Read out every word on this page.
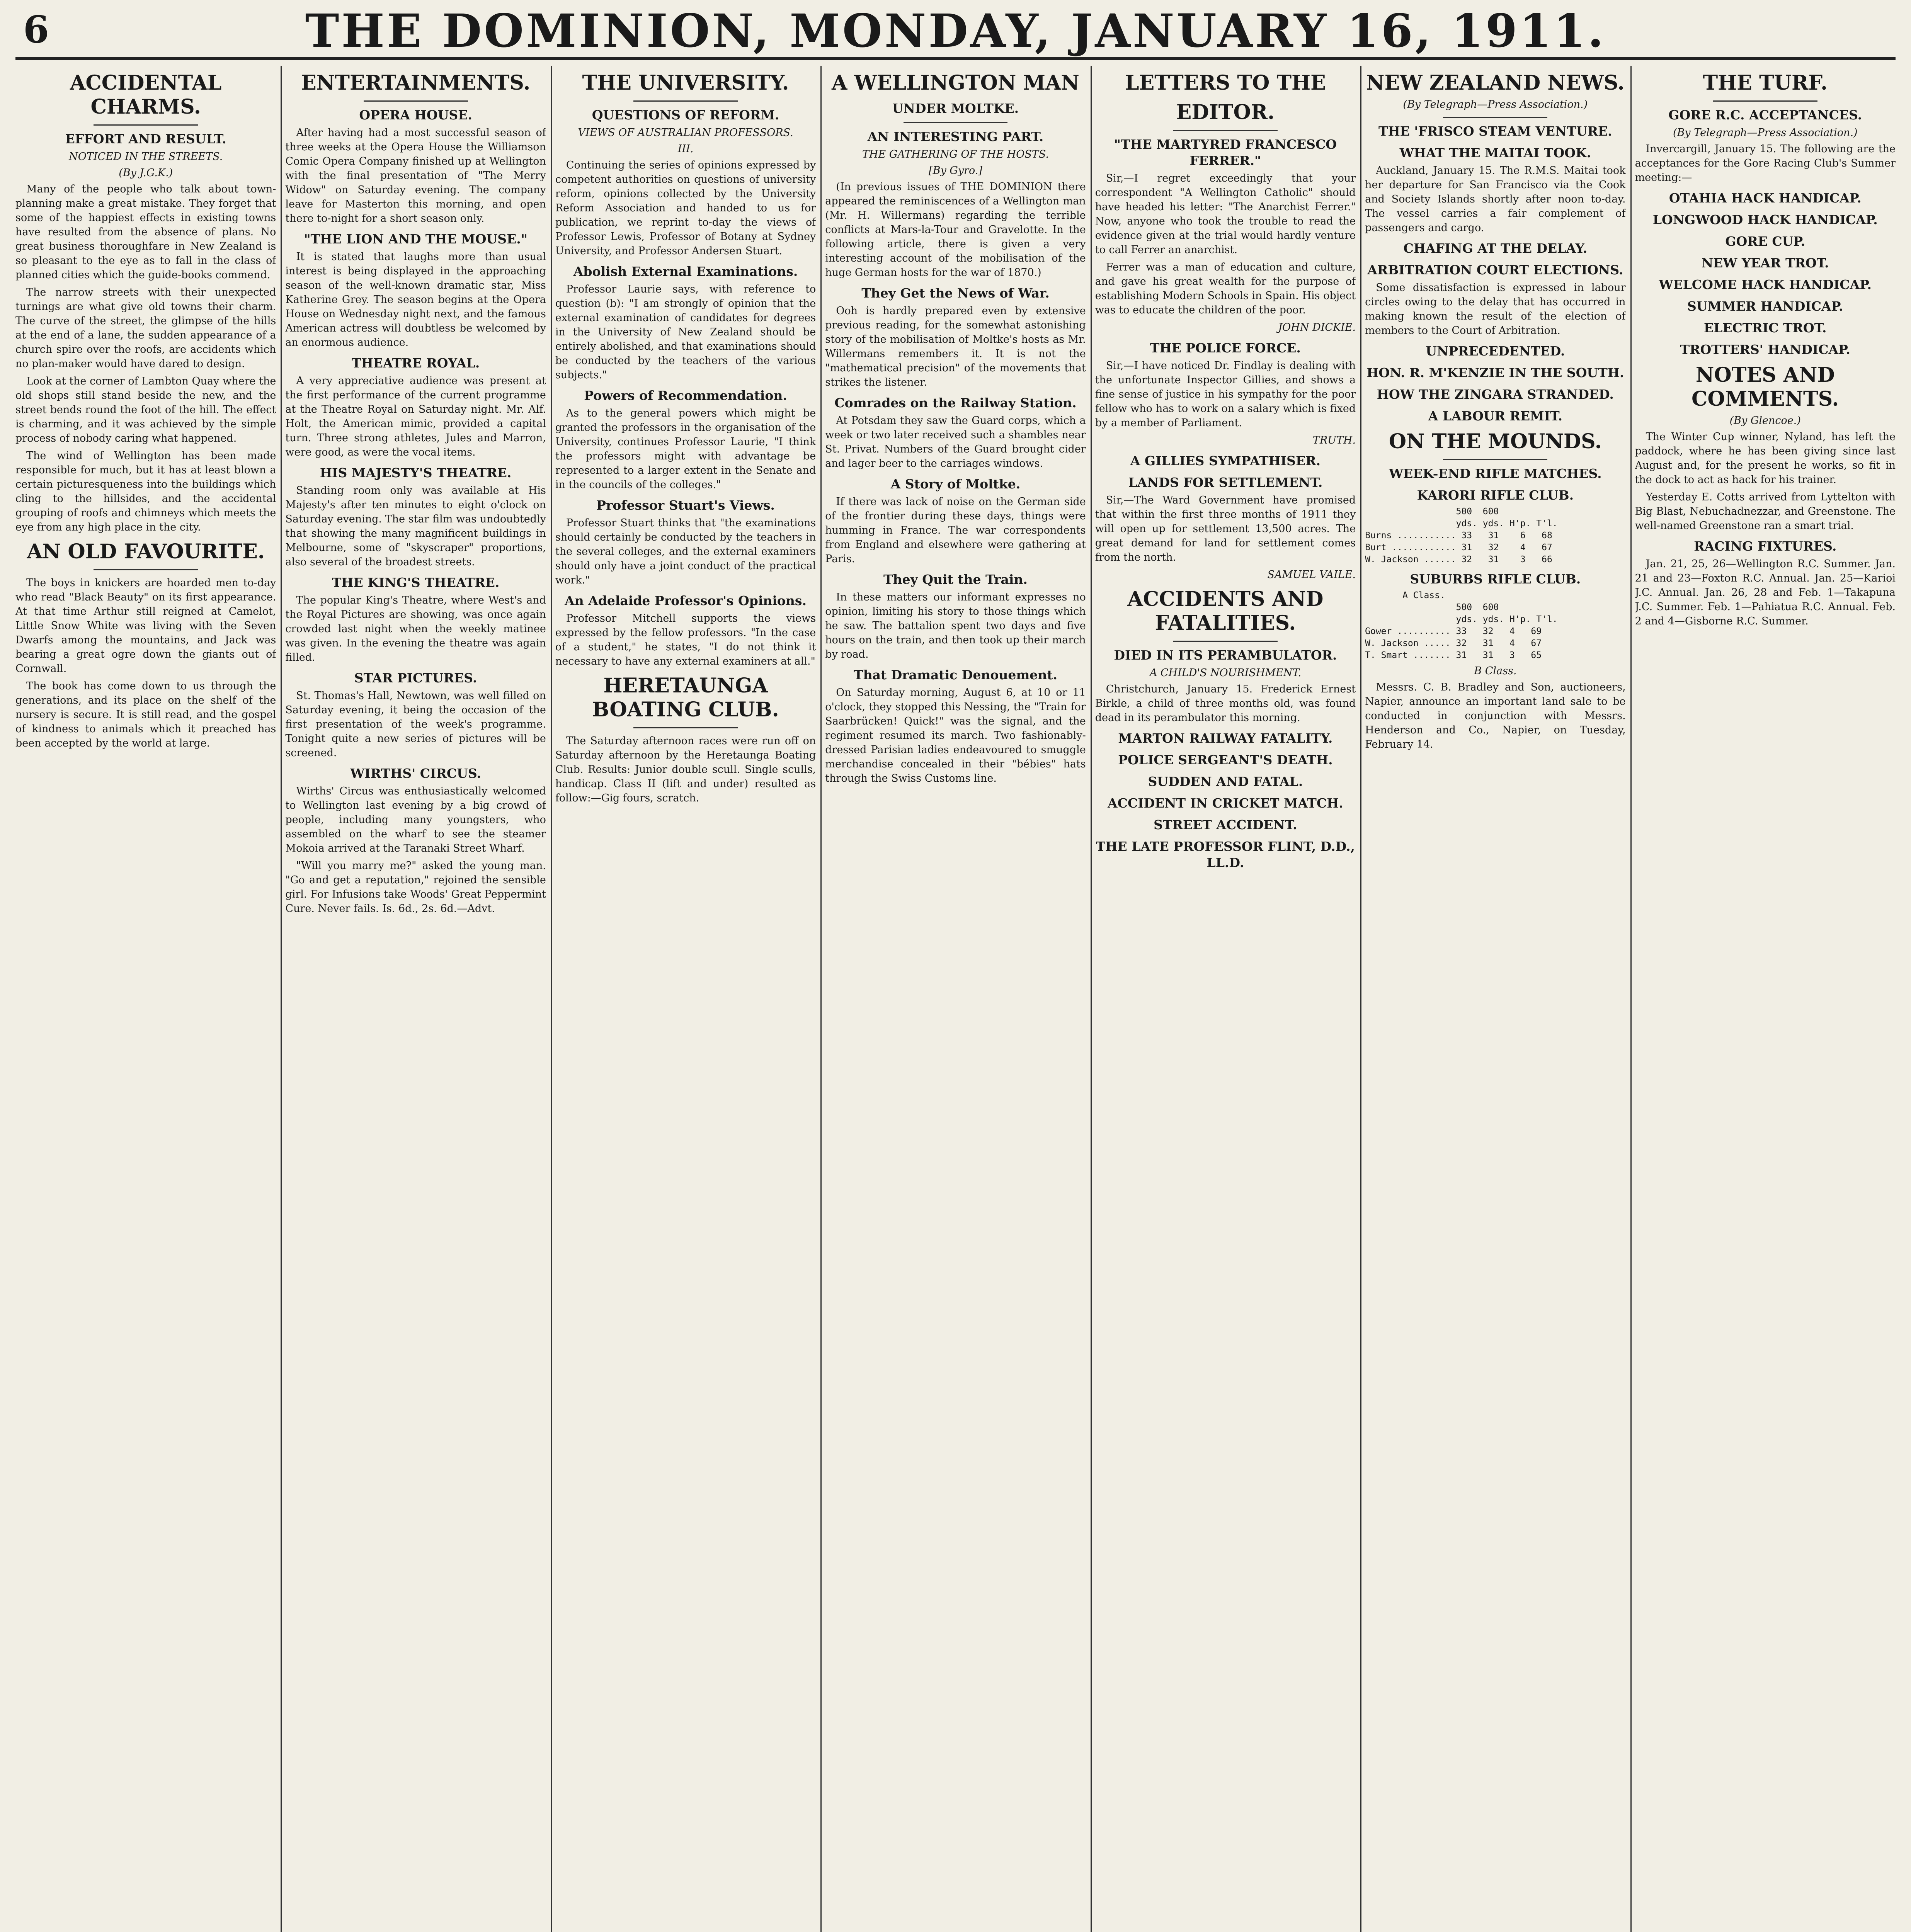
6	THE DOMINION, MONDAY, JANUARY 16, 1911.
ACCIDENTAL CHARMS.
EFFORT AND RESULT.
NOTICED IN THE STREETS.
(By J.G.K.)

Many of the people who talk about town-planning make a great mistake. They forget that some of the happiest effects in existing towns have resulted from the absence of plans. No great business thoroughfare in New Zealand is so pleasant to the eye as to fall in the class of planned cities which the guide-books commend.

The narrow streets with their unexpected turnings are what give old towns their charm. The curve of the street, the glimpse of the hills at the end of a lane, the sudden appearance of a church spire over the roofs, are accidents which no plan-maker would have dared to design.

Look at the corner of Lambton Quay where the old shops still stand beside the new, and the street bends round the foot of the hill. The effect is charming, and it was achieved by the simple process of nobody caring what happened.

The wind of Wellington has been made responsible for much, but it has at least blown a certain picturesqueness into the buildings which cling to the hillsides, and the accidental grouping of roofs and chimneys which meets the eye from any high place in the city.

AN OLD FAVOURITE.

The boys in knickers are hoarded men to-day who read "Black Beauty" on its first appearance. At that time Arthur still reigned at Camelot, Little Snow White was living with the Seven Dwarfs among the mountains, and Jack was bearing a great ogre down the giants out of Cornwall.

The book has come down to us through the generations, and its place on the shelf of the nursery is secure. It is still read, and the gospel of kindness to animals which it preached has been accepted by the world at large.

ENTERTAINMENTS.
OPERA HOUSE.

After having had a most successful season of three weeks at the Opera House the Williamson Comic Opera Company finished up at Wellington with the final presentation of "The Merry Widow" on Saturday evening. The company leave for Masterton this morning, and open there to-night for a short season only.

"THE LION AND THE MOUSE."

It is stated that laughs more than usual interest is being displayed in the approaching season of the well-known dramatic star, Miss Katherine Grey. The season begins at the Opera House on Wednesday night next, and the famous American actress will doubtless be welcomed by an enormous audience.

THEATRE ROYAL.

A very appreciative audience was present at the first performance of the current programme at the Theatre Royal on Saturday night. Mr. Alf. Holt, the American mimic, provided a capital turn. Three strong athletes, Jules and Marron, were good, as were the vocal items.

HIS MAJESTY'S THEATRE.

Standing room only was available at His Majesty's after ten minutes to eight o'clock on Saturday evening. The star film was undoubtedly that showing the many magnificent buildings in Melbourne, some of "skyscraper" proportions, also several of the broadest streets.

THE KING'S THEATRE.

The popular King's Theatre, where West's and the Royal Pictures are showing, was once again crowded last night when the weekly matinee was given. In the evening the theatre was again filled.

STAR PICTURES.

St. Thomas's Hall, Newtown, was well filled on Saturday evening, it being the occasion of the first presentation of the week's programme. Tonight quite a new series of pictures will be screened.

WIRTHS' CIRCUS.

Wirths' Circus was enthusiastically welcomed to Wellington last evening by a big crowd of people, including many youngsters, who assembled on the wharf to see the steamer Mokoia arrived at the Taranaki Street Wharf.

"Will you marry me?" asked the young man. "Go and get a reputation," rejoined the sensible girl. For Infusions take Woods' Great Peppermint Cure. Never fails. Is. 6d., 2s. 6d.—Advt.

THE UNIVERSITY.
QUESTIONS OF REFORM.
VIEWS OF AUSTRALIAN PROFESSORS.
III.

Continuing the series of opinions expressed by competent authorities on questions of university reform, opinions collected by the University Reform Association and handed to us for publication, we reprint to-day the views of Professor Lewis, Professor of Botany at Sydney University, and Professor Andersen Stuart.

Abolish External Examinations.

Professor Laurie says, with reference to question (b): "I am strongly of opinion that the external examination of candidates for degrees in the University of New Zealand should be entirely abolished, and that examinations should be conducted by the teachers of the various subjects."

Powers of Recommendation.

As to the general powers which might be granted the professors in the organisation of the University, continues Professor Laurie, "I think the professors might with advantage be represented to a larger extent in the Senate and in the councils of the colleges."

Professor Stuart's Views.

Professor Stuart thinks that "the examinations should certainly be conducted by the teachers in the several colleges, and the external examiners should only have a joint conduct of the practical work."

An Adelaide Professor's Opinions.

Professor Mitchell supports the views expressed by the fellow professors. "In the case of a student," he states, "I do not think it necessary to have any external examiners at all."

HERETAUNGA BOATING CLUB.

The Saturday afternoon races were run off on Saturday afternoon by the Heretaunga Boating Club. Results: Junior double scull. Single sculls, handicap. Class II (lift and under) resulted as follow:—Gig fours, scratch.

A WELLINGTON MAN
UNDER MOLTKE.
AN INTERESTING PART.
THE GATHERING OF THE HOSTS.
[By Gyro.]

(In previous issues of THE DOMINION there appeared the reminiscences of a Wellington man (Mr. H. Willermans) regarding the terrible conflicts at Mars-la-Tour and Gravelotte. In the following article, there is given a very interesting account of the mobilisation of the huge German hosts for the war of 1870.)

They Get the News of War.

Ooh is hardly prepared even by extensive previous reading, for the somewhat astonishing story of the mobilisation of Moltke's hosts as Mr. Willermans remembers it. It is not the "mathematical precision" of the movements that strikes the listener.

Comrades on the Railway Station.

At Potsdam they saw the Guard corps, which a week or two later received such a shambles near St. Privat. Numbers of the Guard brought cider and lager beer to the carriages windows.

A Story of Moltke.

If there was lack of noise on the German side of the frontier during these days, things were humming in France. The war correspondents from England and elsewhere were gathering at Paris.

They Quit the Train.

In these matters our informant expresses no opinion, limiting his story to those things which he saw. The battalion spent two days and five hours on the train, and then took up their march by road.

That Dramatic Denouement.

On Saturday morning, August 6, at 10 or 11 o'clock, they stopped this Nessing, the "Train for Saarbrücken! Quick!" was the signal, and the regiment resumed its march. Two fashionably-dressed Parisian ladies endeavoured to smuggle merchandise concealed in their "bébies" hats through the Swiss Customs line.

LETTERS TO THE
EDITOR.
"THE MARTYRED FRANCESCO FERRER."

Sir,—I regret exceedingly that your correspondent "A Wellington Catholic" should have headed his letter: "The Anarchist Ferrer." Now, anyone who took the trouble to read the evidence given at the trial would hardly venture to call Ferrer an anarchist.

Ferrer was a man of education and culture, and gave his great wealth for the purpose of establishing Modern Schools in Spain. His object was to educate the children of the poor.

JOHN DICKIE.

THE POLICE FORCE.

Sir,—I have noticed Dr. Findlay is dealing with the unfortunate Inspector Gillies, and shows a fine sense of justice in his sympathy for the poor fellow who has to work on a salary which is fixed by a member of Parliament.

TRUTH.

A GILLIES SYMPATHISER.
LANDS FOR SETTLEMENT.

Sir,—The Ward Government have promised that within the first three months of 1911 they will open up for settlement 13,500 acres. The great demand for land for settlement comes from the north.

SAMUEL VAILE.

ACCIDENTS AND FATALITIES.
DIED IN ITS PERAMBULATOR.
A CHILD'S NOURISHMENT.

Christchurch, January 15. Frederick Ernest Birkle, a child of three months old, was found dead in its perambulator this morning.

MARTON RAILWAY FATALITY.
POLICE SERGEANT'S DEATH.
SUDDEN AND FATAL.
ACCIDENT IN CRICKET MATCH.
STREET ACCIDENT.
THE LATE PROFESSOR FLINT, D.D., LL.D.
NEW ZEALAND NEWS.
(By Telegraph—Press Association.)
THE 'FRISCO STEAM VENTURE.
WHAT THE MAITAI TOOK.

Auckland, January 15. The R.M.S. Maitai took her departure for San Francisco via the Cook and Society Islands shortly after noon to-day. The vessel carries a fair complement of passengers and cargo.

CHAFING AT THE DELAY.
ARBITRATION COURT ELECTIONS.

Some dissatisfaction is expressed in labour circles owing to the delay that has occurred in making known the result of the election of members to the Court of Arbitration.

UNPRECEDENTED.
HON. R. M'KENZIE IN THE SOUTH.
HOW THE ZINGARA STRANDED.
A LABOUR REMIT.
ON THE MOUNDS.
WEEK-END RIFLE MATCHES.
KARORI RIFLE CLUB.
500  600
yds. yds. H'p. T'l.
Burns ........... 33   31    6   68
Burt ............ 31   32    4   67
W. Jackson ...... 32   31    3   66
SUBURBS RIFLE CLUB.
A Class.
500  600
yds. yds. H'p. T'l.
Gower .......... 33   32   4   69
W. Jackson ..... 32   31   4   67
T. Smart ....... 31   31   3   65
B Class.

Messrs. C. B. Bradley and Son, auctioneers, Napier, announce an important land sale to be conducted in conjunction with Messrs. Henderson and Co., Napier, on Tuesday, February 14.

THE TURF.
GORE R.C. ACCEPTANCES.
(By Telegraph—Press Association.)

Invercargill, January 15. The following are the acceptances for the Gore Racing Club's Summer meeting:—

OTAHIA HACK HANDICAP.
LONGWOOD HACK HANDICAP.
GORE CUP.
NEW YEAR TROT.
WELCOME HACK HANDICAP.
SUMMER HANDICAP.
ELECTRIC TROT.
TROTTERS' HANDICAP.
NOTES AND COMMENTS.
(By Glencoe.)

The Winter Cup winner, Nyland, has left the paddock, where he has been giving since last August and, for the present he works, so fit in the dock to act as hack for his trainer.

Yesterday E. Cotts arrived from Lyttelton with Big Blast, Nebuchadnezzar, and Greenstone. The well-named Greenstone ran a smart trial.

RACING FIXTURES.

Jan. 21, 25, 26—Wellington R.C. Summer. Jan. 21 and 23—Foxton R.C. Annual. Jan. 25—Karioi J.C. Annual. Jan. 26, 28 and Feb. 1—Takapuna J.C. Summer. Feb. 1—Pahiatua R.C. Annual. Feb. 2 and 4—Gisborne R.C. Summer.
